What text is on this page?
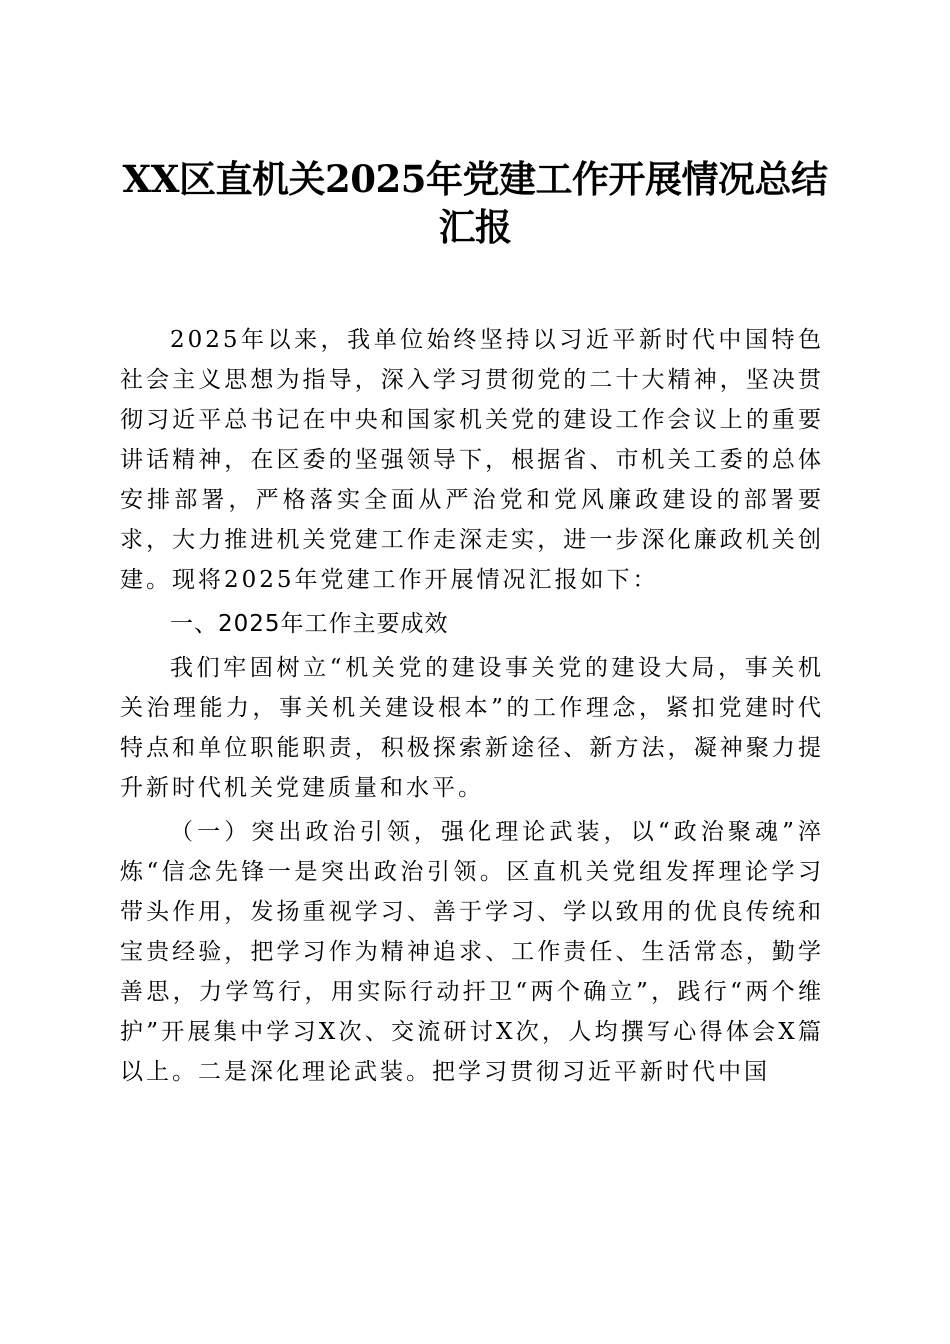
XX区直机关2025年党建工作开展情况总结汇报

2025年以来，我单位始终坚持以习近平新时代中国特色社会主义思想为指导，深入学习贯彻党的二十大精神，坚决贯彻习近平总书记在中央和国家机关党的建设工作会议上的重要讲话精神，在区委的坚强领导下，根据省、市机关工委的总体安排部署，严格落实全面从严治党和党风廉政建设的部署要求，大力推进机关党建工作走深走实，进一步深化廉政机关创建。现将2025年党建工作开展情况汇报如下：

一、2025年工作主要成效

我们牢固树立“机关党的建设事关党的建设大局，事关机关治理能力，事关机关建设根本”的工作理念，紧扣党建时代特点和单位职能职责，积极探索新途径、新方法，凝神聚力提升新时代机关党建质量和水平。

（一）突出政治引领，强化理论武装，以“政治聚魂”淬炼“信念先锋一是突出政治引领。区直机关党组发挥理论学习带头作用，发扬重视学习、善于学习、学以致用的优良传统和宝贵经验，把学习作为精神追求、工作责任、生活常态，勤学善思，力学笃行，用实际行动扞卫“两个确立”，践行“两个维护”开展集中学习X次、交流研讨X次，人均撰写心得体会X篇以上。二是深化理论武装。把学习贯彻习近平新时代中国
